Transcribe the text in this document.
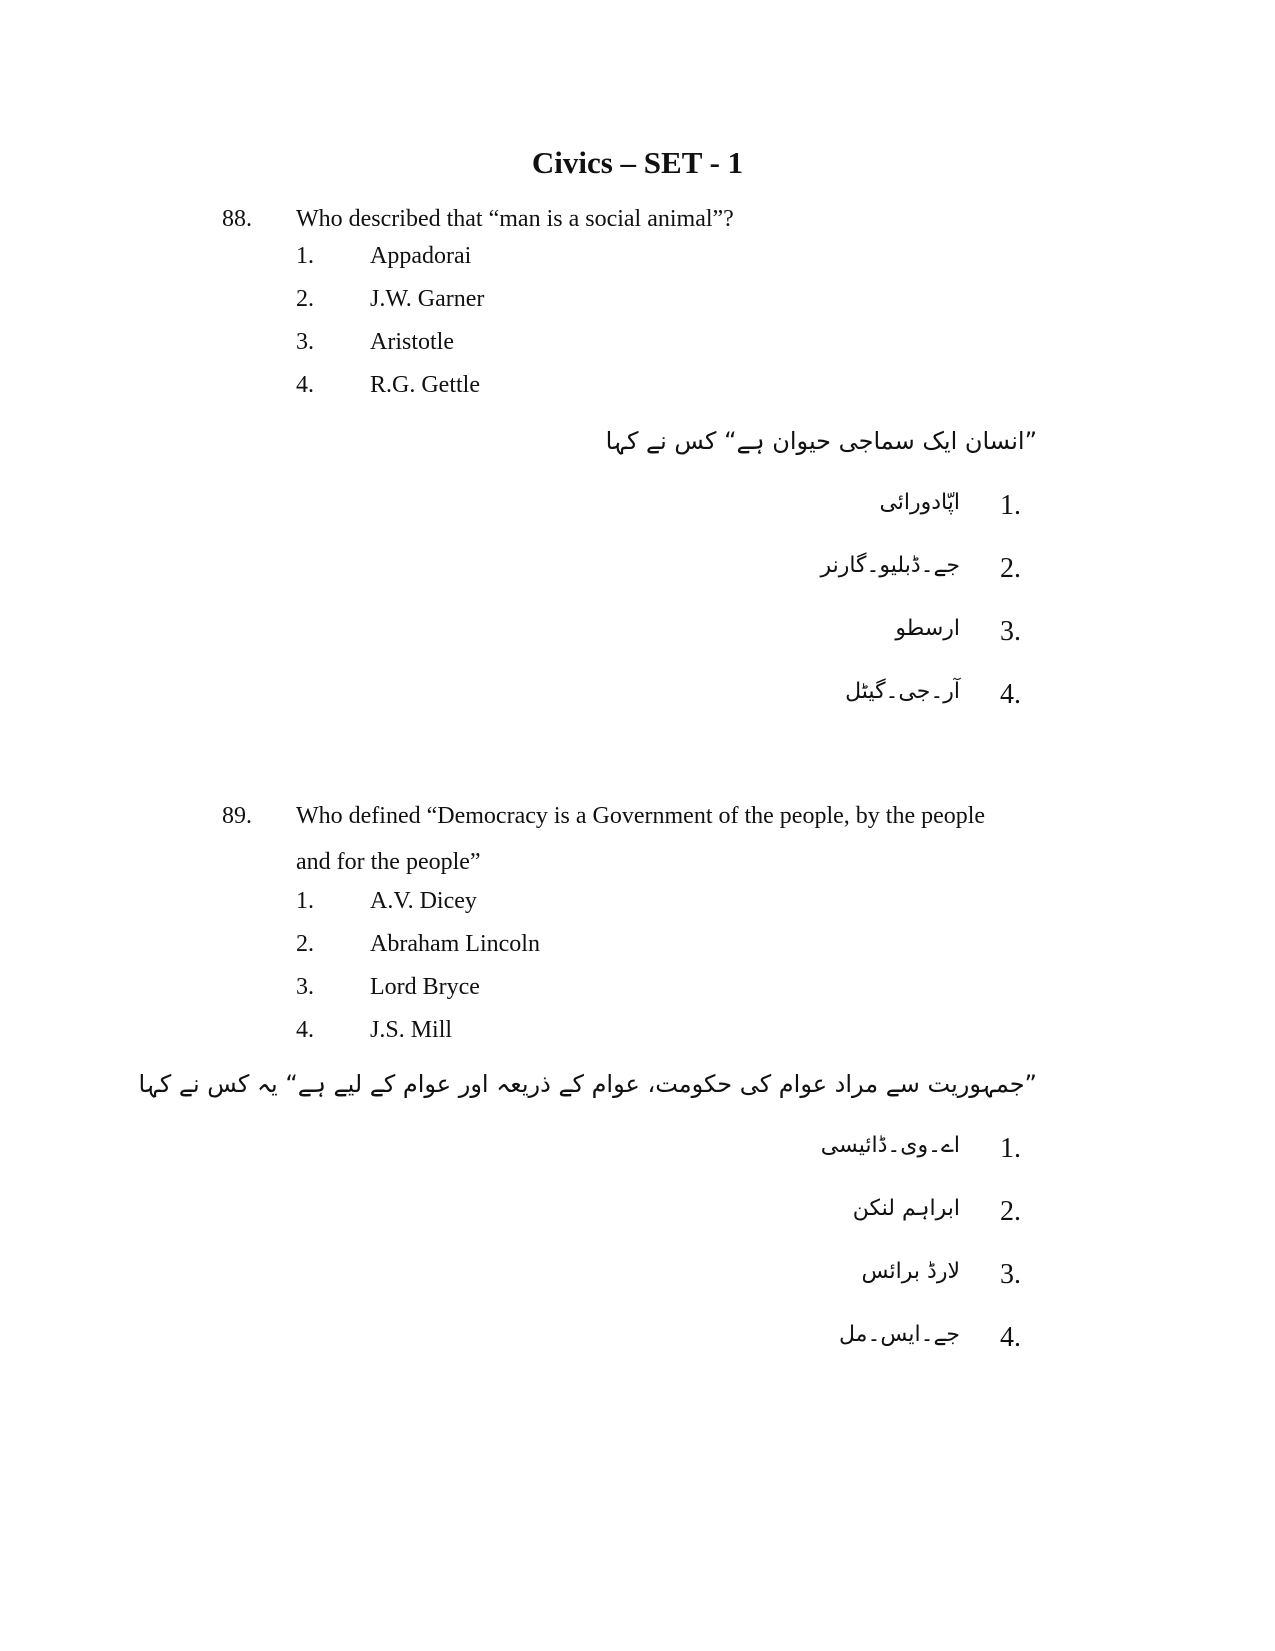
Civics – SET - 1
88. Who described that “man is a social animal”?
1. Appadorai
2. J.W. Garner
3. Aristotle
4. R.G. Gettle
”انسان ایک سماجی حیوان ہے“ کس نے کہا
1.
اپّادورائی
2.
جے۔ڈبلیو۔گارنر
3.
ارسطو
4.
آر۔جی۔گیٹل
89. Who defined “Democracy is a Government of the people, by the people and for the people”
1. A.V. Dicey
2. Abraham Lincoln
3. Lord Bryce
4. J.S. Mill
”جمہوریت سے مراد عوام کی حکومت، عوام کے ذریعہ اور عوام کے لیے ہے“ یہ کس نے کہا
1.
اے۔وی۔ڈائیسی
2.
ابراہم لنکن
3.
لارڈ برائس
4.
جے۔ایس۔مل
